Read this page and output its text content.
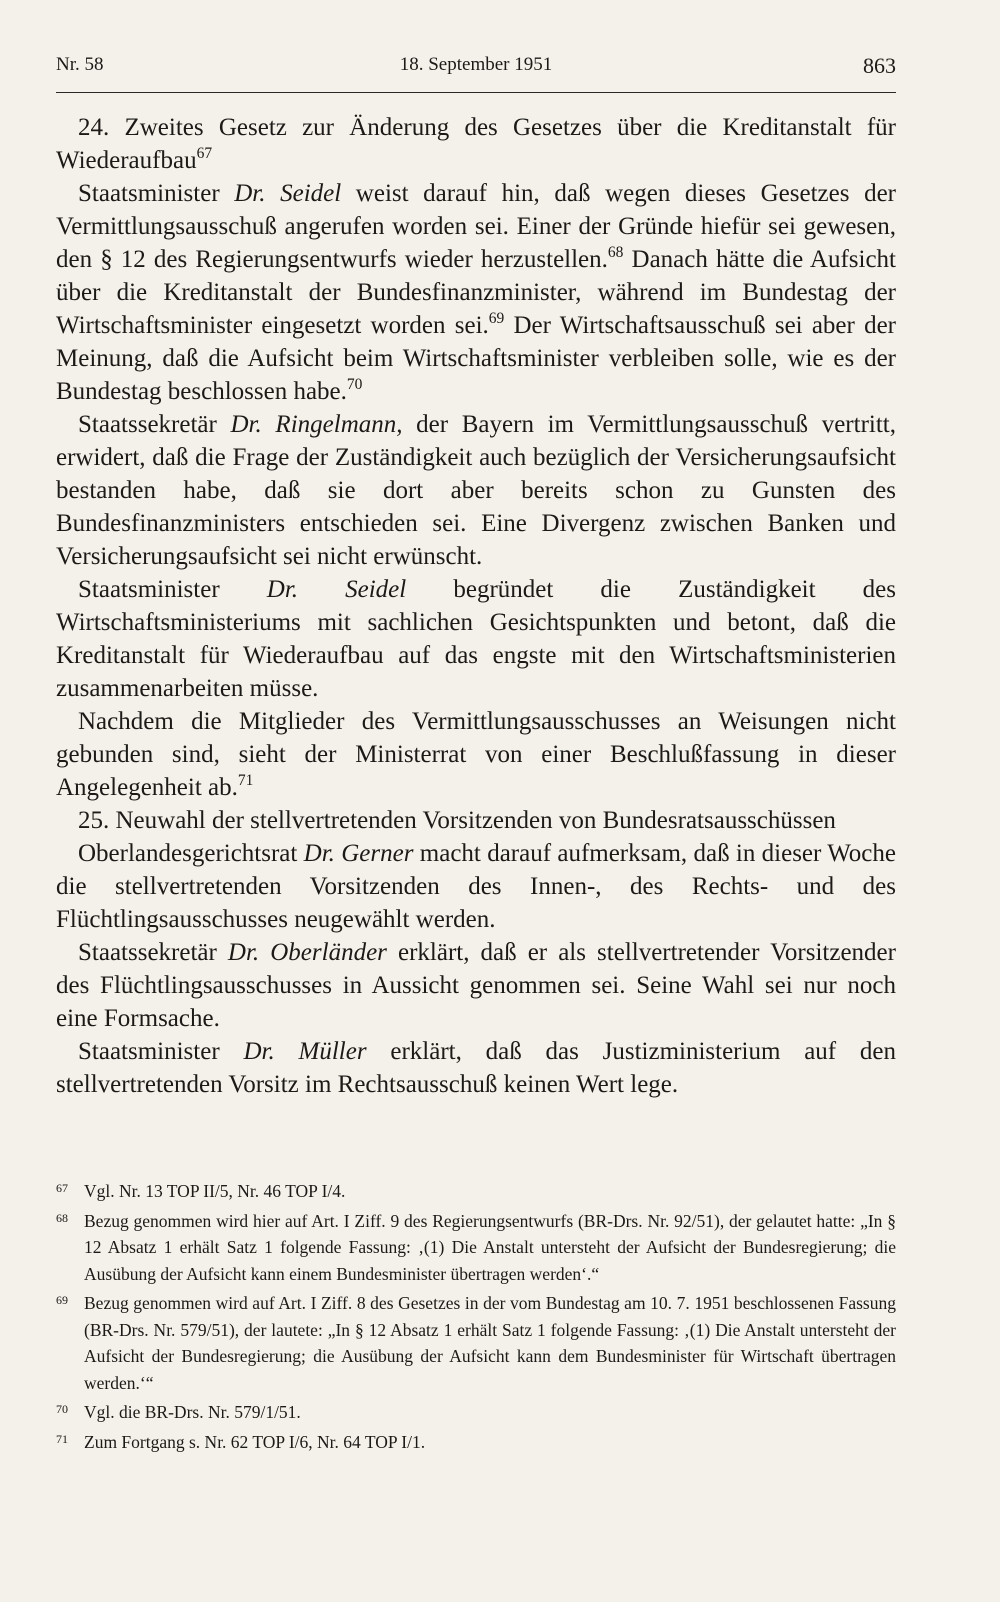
Nr. 58	18. September 1951	863

24. Zweites Gesetz zur Änderung des Gesetzes über die Kreditanstalt für Wiederaufbau$^{67}$

Staatsminister Dr. Seidel weist darauf hin, daß wegen dieses Gesetzes der Vermittlungsausschuß angerufen worden sei. Einer der Gründe hiefür sei gewesen, den § 12 des Regierungsentwurfs wieder herzustellen.$^{68}$ Danach hätte die Aufsicht über die Kreditanstalt der Bundesfinanzminister, während im Bundestag der Wirtschaftsminister eingesetzt worden sei.$^{69}$ Der Wirtschaftsausschuß sei aber der Meinung, daß die Aufsicht beim Wirtschaftsminister verbleiben solle, wie es der Bundestag beschlossen habe.$^{70}$

Staatssekretär Dr. Ringelmann, der Bayern im Vermittlungsausschuß vertritt, erwidert, daß die Frage der Zuständigkeit auch bezüglich der Versicherungsaufsicht bestanden habe, daß sie dort aber bereits schon zu Gunsten des Bundesfinanzministers entschieden sei. Eine Divergenz zwischen Banken und Versicherungsaufsicht sei nicht erwünscht.

Staatsminister Dr. Seidel begründet die Zuständigkeit des Wirtschaftsministeriums mit sachlichen Gesichtspunkten und betont, daß die Kreditanstalt für Wiederaufbau auf das engste mit den Wirtschaftsministerien zusammenarbeiten müsse.

Nachdem die Mitglieder des Vermittlungsausschusses an Weisungen nicht gebunden sind, sieht der Ministerrat von einer Beschlußfassung in dieser Angelegenheit ab.$^{71}$

25. Neuwahl der stellvertretenden Vorsitzenden von Bundesratsausschüssen

Oberlandesgerichtsrat Dr. Gerner macht darauf aufmerksam, daß in dieser Woche die stellvertretenden Vorsitzenden des Innen-, des Rechts- und des Flüchtlingsausschusses neugewählt werden.

Staatssekretär Dr. Oberländer erklärt, daß er als stellvertretender Vorsitzender des Flüchtlingsausschusses in Aussicht genommen sei. Seine Wahl sei nur noch eine Formsache.

Staatsminister Dr. Müller erklärt, daß das Justizministerium auf den stellvertretenden Vorsitz im Rechtsausschuß keinen Wert lege.

67 Vgl. Nr. 13 TOP II/5, Nr. 46 TOP I/4.
68 Bezug genommen wird hier auf Art. I Ziff. 9 des Regierungsentwurfs (BR-Drs. Nr. 92/51), der gelautet hatte: „In § 12 Absatz 1 erhält Satz 1 folgende Fassung: ‚(1) Die Anstalt untersteht der Aufsicht der Bundesregierung; die Ausübung der Aufsicht kann einem Bundesminister übertragen werden‘.“
69 Bezug genommen wird auf Art. I Ziff. 8 des Gesetzes in der vom Bundestag am 10. 7. 1951 beschlossenen Fassung (BR-Drs. Nr. 579/51), der lautete: „In § 12 Absatz 1 erhält Satz 1 folgende Fassung: ‚(1) Die Anstalt untersteht der Aufsicht der Bundesregierung; die Ausübung der Aufsicht kann dem Bundesminister für Wirtschaft übertragen werden.‘“
70 Vgl. die BR-Drs. Nr. 579/1/51.
71 Zum Fortgang s. Nr. 62 TOP I/6, Nr. 64 TOP I/1.
